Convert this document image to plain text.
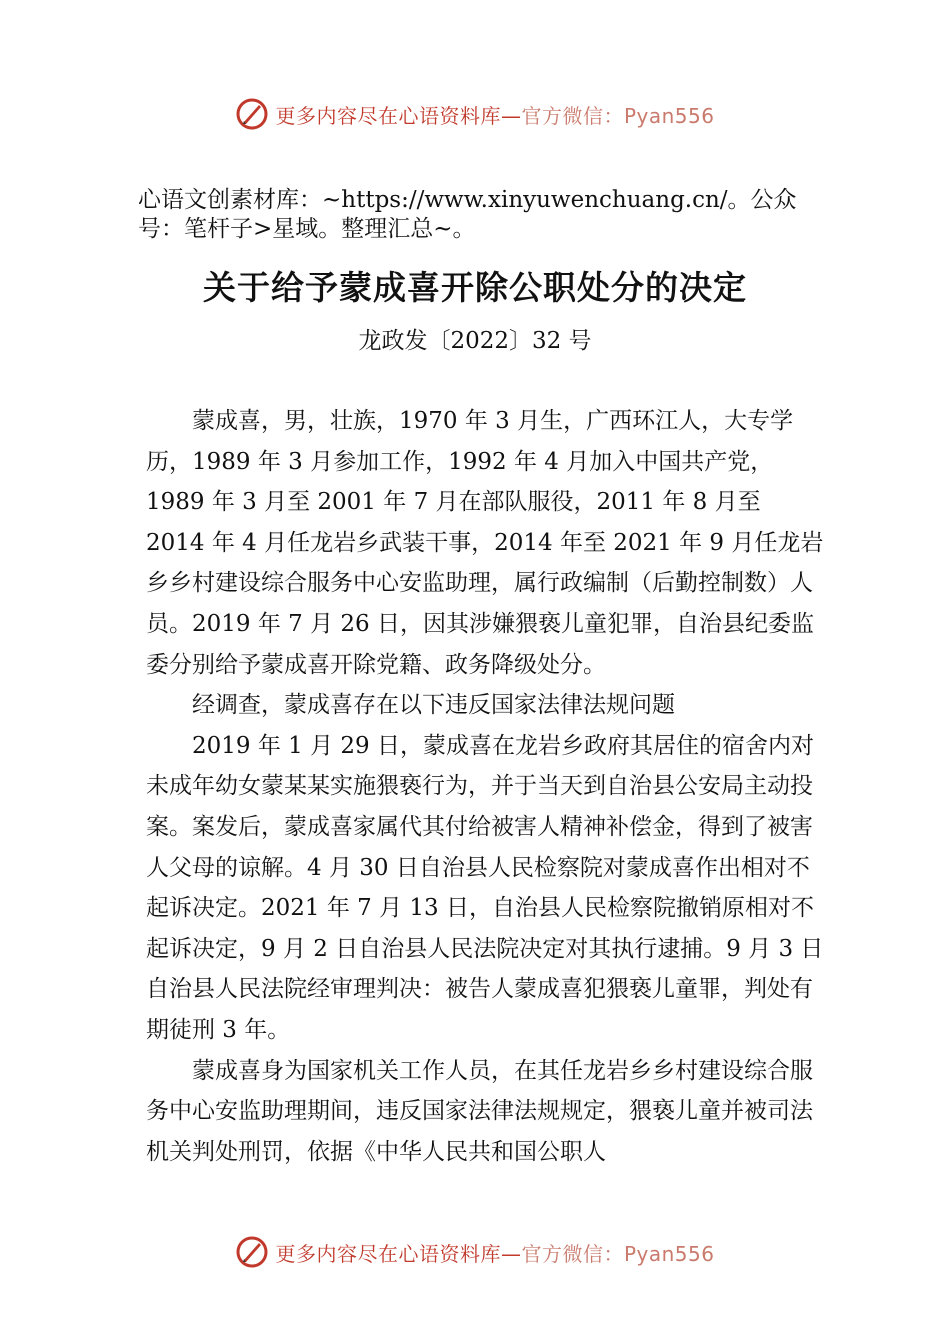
更多内容尽在心语资料库—官方微信：Pyan556
心语文创素材库：~https://www.xinyuwenchuang.cn/。公众号：笔杆子>星域。整理汇总~。
关于给予蒙成喜开除公职处分的决定
龙政发〔2022〕32 号

蒙成喜，男，壮族，1970 年 3 月生，广西环江人，大专学历，1989 年 3 月参加工作，1992 年 4 月加入中国共产党，1989 年 3 月至 2001 年 7 月在部队服役，2011 年 8 月至 2014 年 4 月任龙岩乡武装干事，2014 年至 2021 年 9 月任龙岩乡乡村建设综合服务中心安监助理，属行政编制（后勤控制数）人员。2019 年 7 月 26 日，因其涉嫌猥亵儿童犯罪，自治县纪委监委分别给予蒙成喜开除党籍、政务降级处分。

经调查，蒙成喜存在以下违反国家法律法规问题

2019 年 1 月 29 日，蒙成喜在龙岩乡政府其居住的宿舍内对未成年幼女蒙某某实施猥亵行为，并于当天到自治县公安局主动投案。案发后，蒙成喜家属代其付给被害人精神补偿金，得到了被害人父母的谅解。4 月 30 日自治县人民检察院对蒙成喜作出相对不起诉决定。2021 年 7 月 13 日，自治县人民检察院撤销原相对不起诉决定，9 月 2 日自治县人民法院决定对其执行逮捕。9 月 3 日自治县人民法院经审理判决：被告人蒙成喜犯猥亵儿童罪，判处有期徒刑 3 年。

蒙成喜身为国家机关工作人员，在其任龙岩乡乡村建设综合服务中心安监助理期间，违反国家法律法规规定，猥亵儿童并被司法机关判处刑罚，依据《中华人民共和国公职人

更多内容尽在心语资料库—官方微信：Pyan556
